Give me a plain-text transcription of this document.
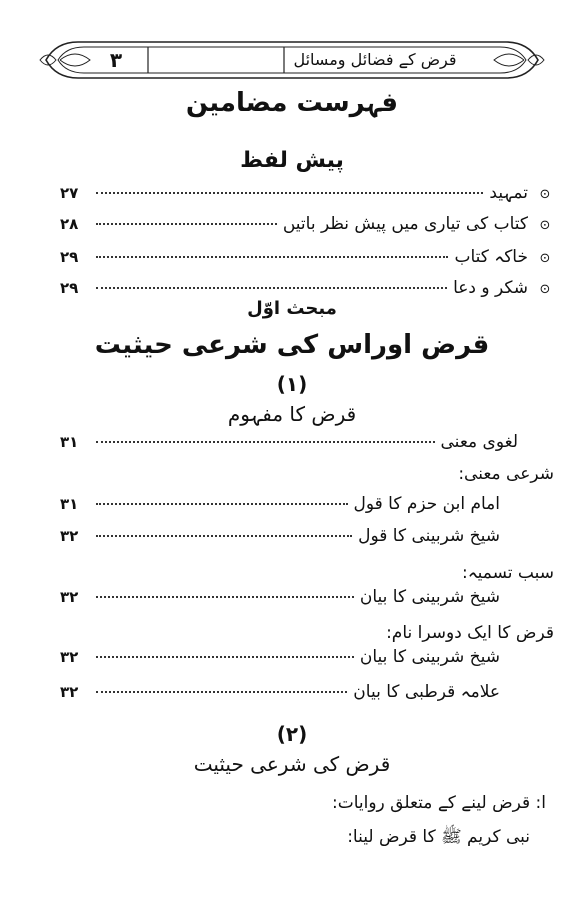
۳	قرض کے فضائل ومسائل
فہرست مضامین
پیش لفظ
⊙
تمہید
۲۷
⊙
کتاب کی تیاری میں پیش نظر باتیں
۲۸
⊙
خاکہ کتاب
۲۹
⊙
شکر و دعا
۲۹
مبحث اوّل
قرض اوراس کی شرعی حیثیت
(۱)
قرض کا مفہوم
لغوی معنی
۳۱
شرعی معنی:
امام ابن حزم کا قول
۳۱
شیخ شربینی کا قول
۳۲
سبب تسمیہ:
شیخ شربینی کا بیان
۳۲
قرض کا ایک دوسرا نام:
شیخ شربینی کا بیان
۳۲
علامہ قرطبی کا بیان
۳۲
(۲)
قرض کی شرعی حیثیت
ا: قرض لینے کے متعلق روایات:
نبی کریم ﷺ کا قرض لینا:
